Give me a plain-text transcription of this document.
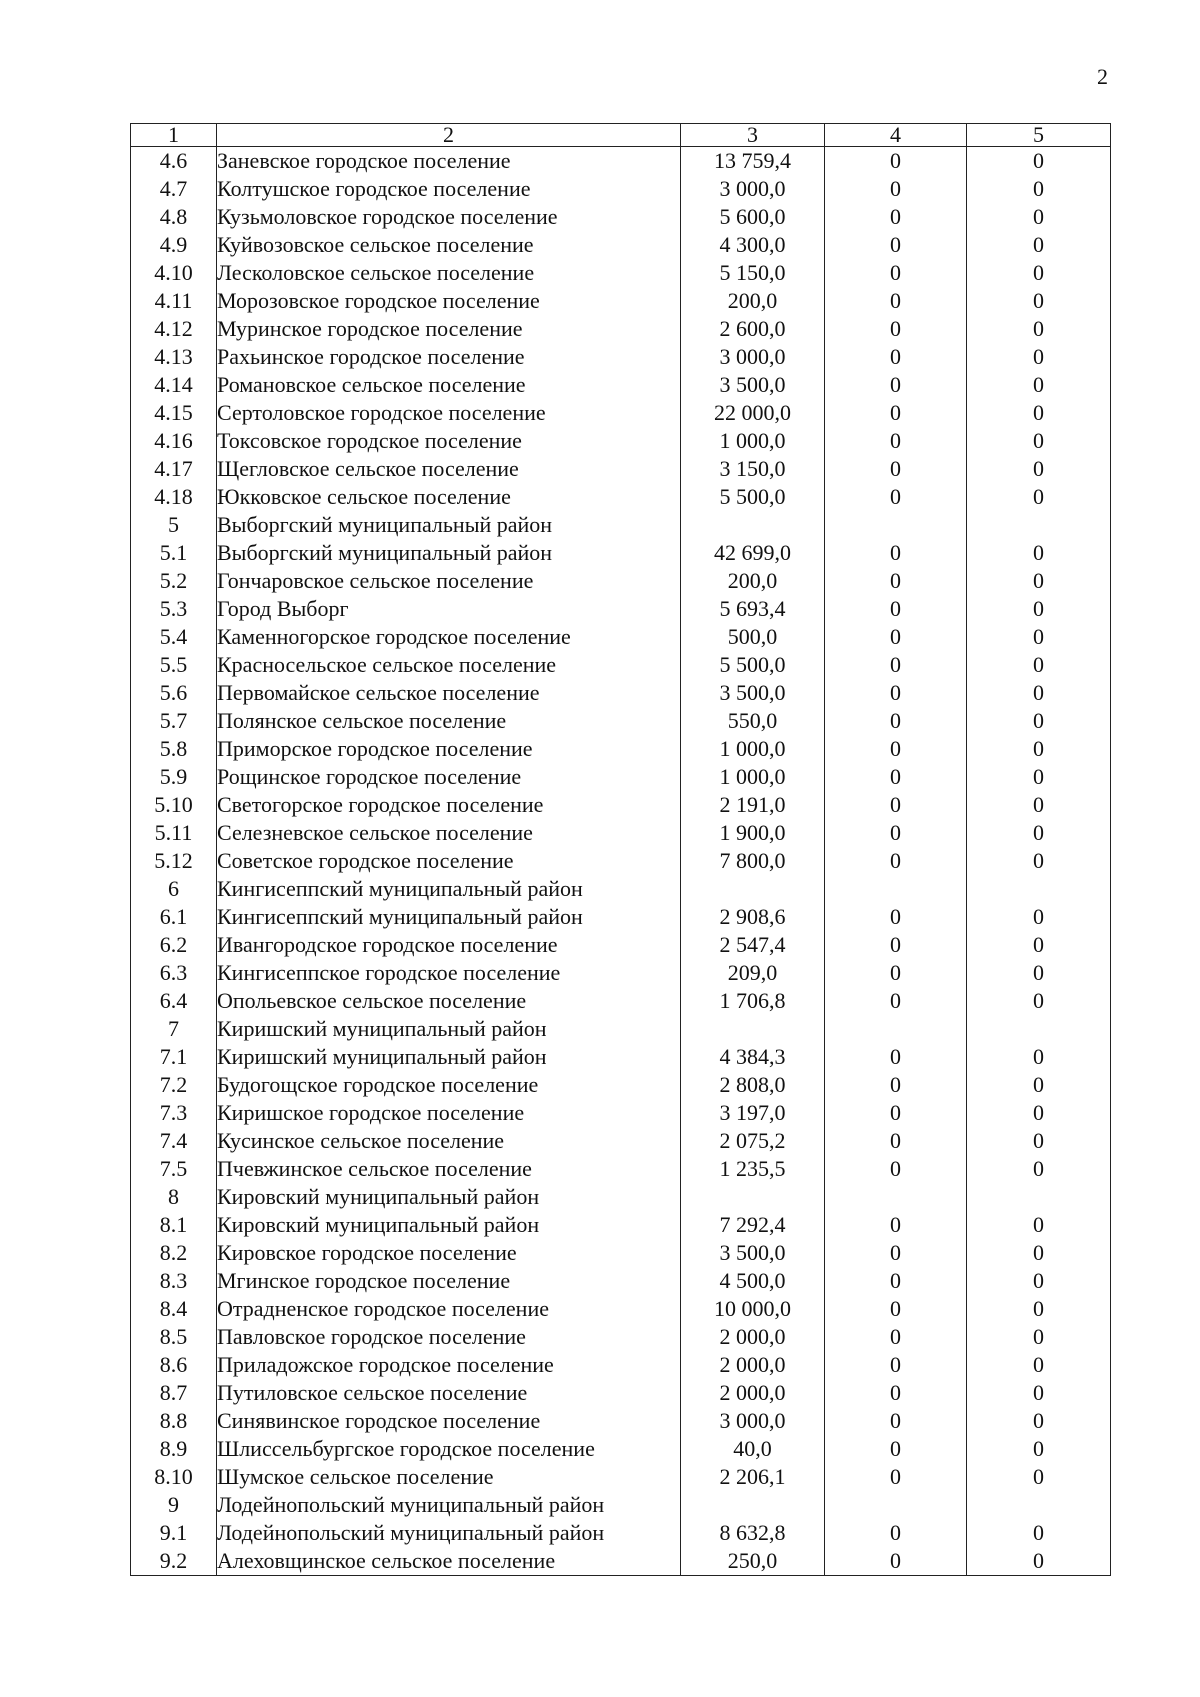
2
1	2	3	4	5
4.6	Заневское городское поселение	13 759,4	0	0
4.7	Колтушское городское поселение	3 000,0	0	0
4.8	Кузьмоловское городское поселение	5 600,0	0	0
4.9	Куйвозовское сельское поселение	4 300,0	0	0
4.10	Лесколовское сельское поселение	5 150,0	0	0
4.11	Морозовское городское поселение	200,0	0	0
4.12	Муринское городское поселение	2 600,0	0	0
4.13	Рахьинское городское поселение	3 000,0	0	0
4.14	Романовское сельское поселение	3 500,0	0	0
4.15	Сертоловское городское поселение	22 000,0	0	0
4.16	Токсовское городское поселение	1 000,0	0	0
4.17	Щегловское сельское поселение	3 150,0	0	0
4.18	Юкковское сельское поселение	5 500,0	0	0
5	Выборгский муниципальный район			
5.1	Выборгский муниципальный район	42 699,0	0	0
5.2	Гончаровское сельское поселение	200,0	0	0
5.3	Город Выборг	5 693,4	0	0
5.4	Каменногорское городское поселение	500,0	0	0
5.5	Красносельское сельское поселение	5 500,0	0	0
5.6	Первомайское сельское поселение	3 500,0	0	0
5.7	Полянское сельское поселение	550,0	0	0
5.8	Приморское городское поселение	1 000,0	0	0
5.9	Рощинское городское поселение	1 000,0	0	0
5.10	Светогорское городское поселение	2 191,0	0	0
5.11	Селезневское сельское поселение	1 900,0	0	0
5.12	Советское городское поселение	7 800,0	0	0
6	Кингисеппский муниципальный район			
6.1	Кингисеппский муниципальный район	2 908,6	0	0
6.2	Ивангородское городское поселение	2 547,4	0	0
6.3	Кингисеппское городское поселение	209,0	0	0
6.4	Опольевское сельское поселение	1 706,8	0	0
7	Киришский муниципальный район			
7.1	Киришский муниципальный район	4 384,3	0	0
7.2	Будогощское городское поселение	2 808,0	0	0
7.3	Киришское городское поселение	3 197,0	0	0
7.4	Кусинское сельское поселение	2 075,2	0	0
7.5	Пчевжинское сельское поселение	1 235,5	0	0
8	Кировский муниципальный район			
8.1	Кировский муниципальный район	7 292,4	0	0
8.2	Кировское городское поселение	3 500,0	0	0
8.3	Мгинское городское поселение	4 500,0	0	0
8.4	Отрадненское городское поселение	10 000,0	0	0
8.5	Павловское городское поселение	2 000,0	0	0
8.6	Приладожское городское поселение	2 000,0	0	0
8.7	Путиловское сельское поселение	2 000,0	0	0
8.8	Синявинское городское поселение	3 000,0	0	0
8.9	Шлиссельбургское городское поселение	40,0	0	0
8.10	Шумское сельское поселение	2 206,1	0	0
9	Лодейнопольский муниципальный район			
9.1	Лодейнопольский муниципальный район	8 632,8	0	0
9.2	Алеховщинское сельское поселение	250,0	0	0
